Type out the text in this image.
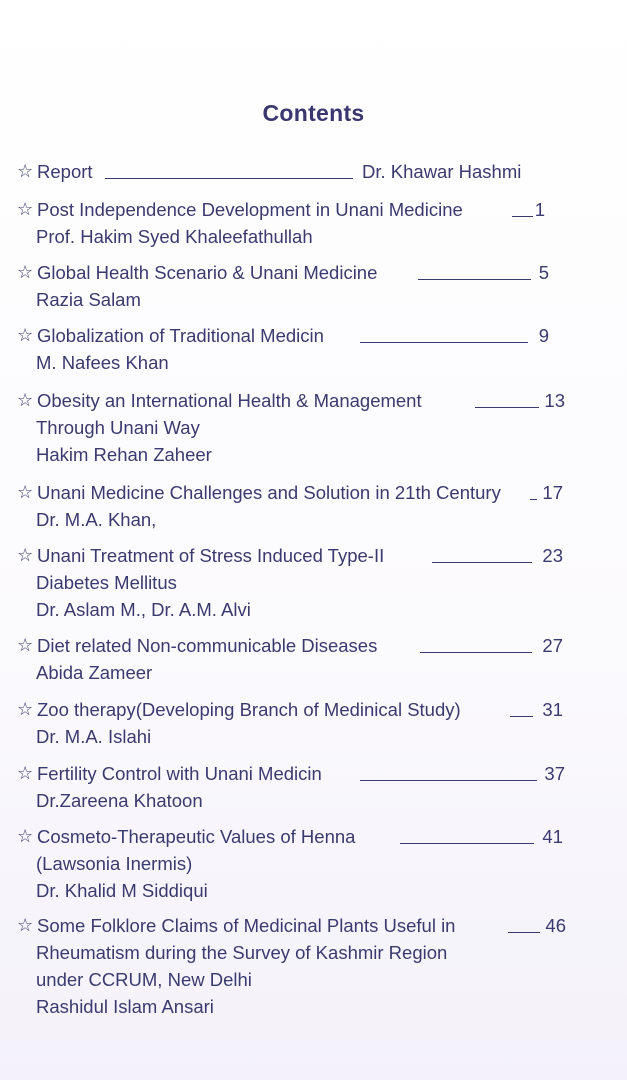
Contents
☆ Report	Dr. Khawar Hashmi
☆ Post Independence Development in Unani Medicine	1
Prof. Hakim Syed Khaleefathullah
☆ Global Health Scenario & Unani Medicine	5
Razia Salam
☆ Globalization of Traditional Medicin	9
M. Nafees Khan
☆ Obesity an International Health & Management	13
Through Unani Way
Hakim Rehan Zaheer
☆ Unani Medicine Challenges and Solution in 21th Century 17
Dr. M.A. Khan,
☆ Unani Treatment of Stress Induced Type-II	23
Diabetes Mellitus
Dr. Aslam M., Dr. A.M. Alvi
☆ Diet related Non-communicable Diseases	27
Abida Zameer
☆ Zoo therapy(Developing Branch of Medinical Study)	31
Dr. M.A. Islahi
☆ Fertility Control with Unani Medicin	37
Dr.Zareena Khatoon
☆ Cosmeto-Therapeutic Values of Henna	41
(Lawsonia Inermis)
Dr. Khalid M Siddiqui
☆ Some Folklore Claims of Medicinal Plants Useful in	46
Rheumatism during the Survey of Kashmir Region
under CCRUM, New Delhi
Rashidul Islam Ansari
